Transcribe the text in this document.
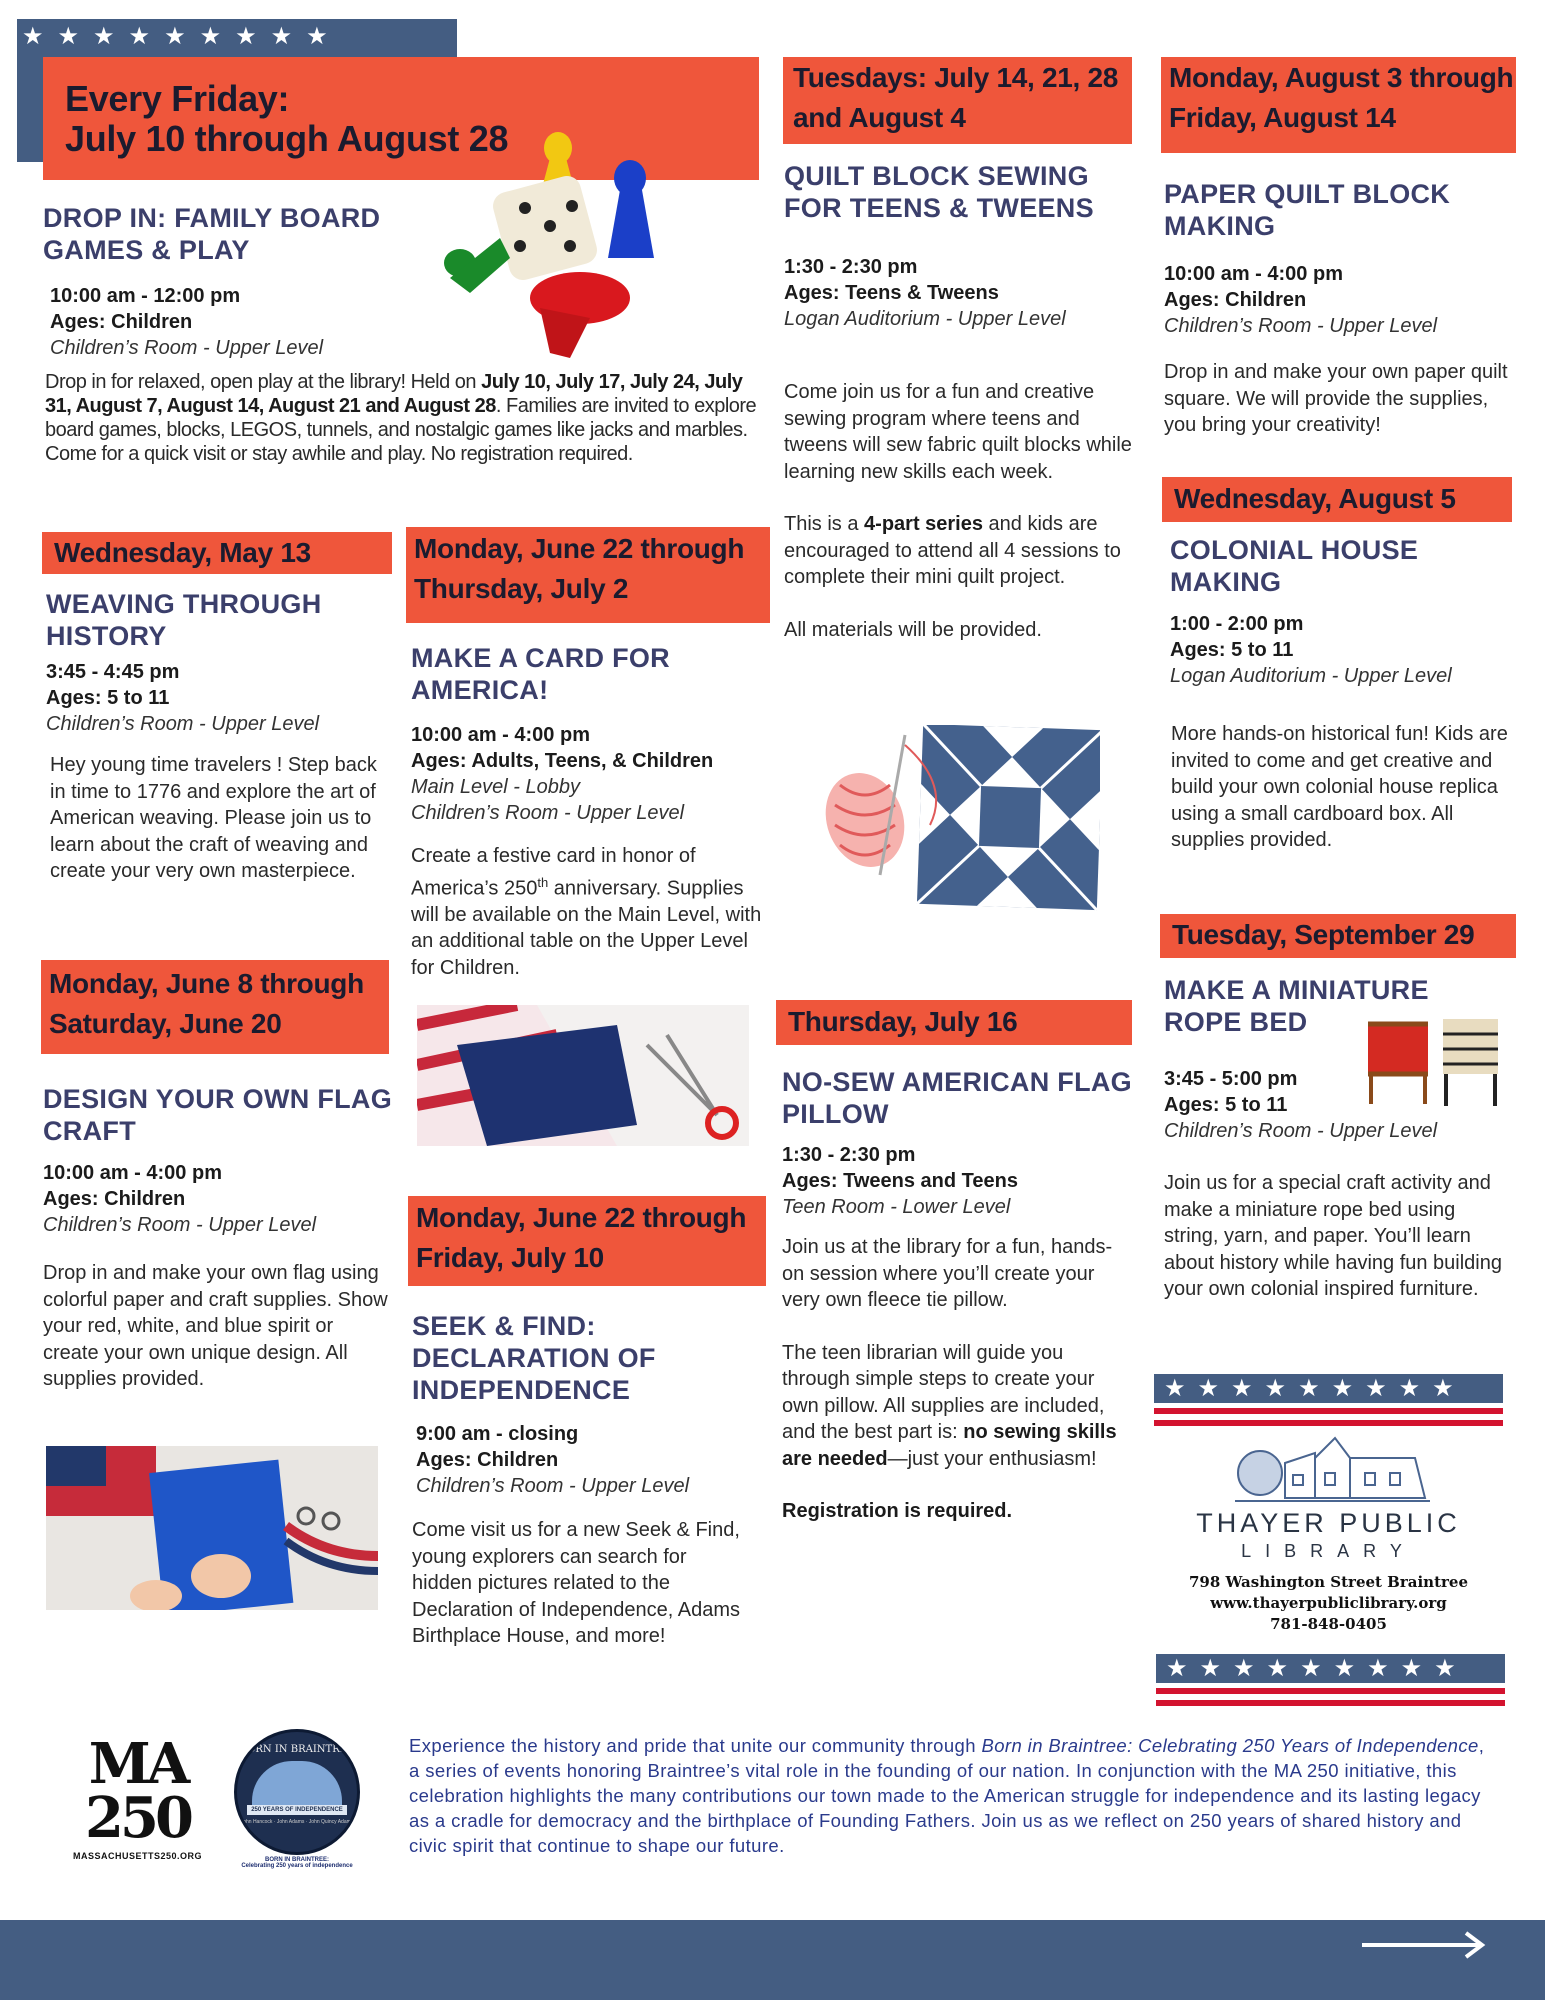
★★★★★★★★★
Every Friday:
July 10 through August 28
DROP IN: FAMILY BOARD GAMES & PLAY
10:00 am - 12:00 pm
Ages: Children
Children’s Room - Upper Level

Drop in for relaxed, open play at the library! Held on July 10, July 17, July 24, July 31, August 7, August 14, August 21 and August 28. Families are invited to explore board games, blocks, LEGOS, tunnels, and nostalgic games like jacks and marbles. Come for a quick visit or stay awhile and play. No registration required.

Wednesday, May 13
WEAVING THROUGH HISTORY
3:45 - 4:45 pm
Ages: 5 to 11
Children’s Room - Upper Level

Hey young time travelers ! Step back in time to 1776 and explore the art of American weaving. Please join us to learn about the craft of weaving and create your very own masterpiece.

Monday, June 8 through
Saturday, June 20
DESIGN YOUR OWN FLAG CRAFT
10:00 am - 4:00 pm
Ages: Children
Children’s Room - Upper Level

Drop in and make your own flag using colorful paper and craft supplies. Show your red, white, and blue spirit or create your own unique design. All supplies provided.

Monday, June 22 through
Thursday, July 2
MAKE A CARD FOR AMERICA!
10:00 am - 4:00 pm
Ages: Adults, Teens, & Children
Main Level - Lobby
Children’s Room - Upper Level

Create a festive card in honor of America’s 250th anniversary. Supplies will be available on the Main Level, with an additional table on the Upper Level for Children.

Monday, June 22 through
Friday, July 10
SEEK & FIND: DECLARATION OF INDEPENDENCE
9:00 am - closing
Ages: Children
Children’s Room - Upper Level

Come visit us for a new Seek & Find, young explorers can search for hidden pictures related to the Declaration of Independence, Adams Birthplace House, and more!

Tuesdays: July 14, 21, 28
and August 4
QUILT BLOCK SEWING FOR TEENS & TWEENS
1:30 - 2:30 pm
Ages: Teens & Tweens
Logan Auditorium - Upper Level

Come join us for a fun and creative sewing program where teens and tweens will sew fabric quilt blocks while learning new skills each week.

This is a 4-part series and kids are encouraged to attend all 4 sessions to complete their mini quilt project.

All materials will be provided.

Thursday, July 16
NO-SEW AMERICAN FLAG PILLOW
1:30 - 2:30 pm
Ages: Tweens and Teens
Teen Room - Lower Level

Join us at the library for a fun, hands-on session where you’ll create your very own fleece tie pillow.

The teen librarian will guide you through simple steps to create your own pillow. All supplies are included, and the best part is: no sewing skills are needed—just your enthusiasm!

Registration is required.

Monday, August 3 through
Friday, August 14
PAPER QUILT BLOCK MAKING
10:00 am - 4:00 pm
Ages: Children
Children’s Room - Upper Level

Drop in and make your own paper quilt square. We will provide the supplies, you bring your creativity!

Wednesday, August 5
COLONIAL HOUSE MAKING
1:00 - 2:00 pm
Ages: 5 to 11
Logan Auditorium - Upper Level

More hands-on historical fun! Kids are invited to come and get creative and build your own colonial house replica using a small cardboard box. All supplies provided.

Tuesday, September 29
MAKE A MINIATURE ROPE BED
3:45 - 5:00 pm
Ages: 5 to 11
Children’s Room - Upper Level

Join us for a special craft activity and make a miniature rope bed using string, yarn, and paper. You’ll learn about history while having fun building your own colonial inspired furniture.

★★★★★★★★★
THAYER PUBLIC
LIBRARY
798 Washington Street Braintree
www.thayerpubliclibrary.org
781-848-0405
★★★★★★★★★
MA
250
MASSACHUSETTS250.ORG
BORN IN BRAINTREE
250 YEARS OF INDEPENDENCE
John Hancock · John Adams · John Quincy Adams
BORN IN BRAINTREE:
Celebrating 250 years of independence
Experience the history and pride that unite our community through Born in Braintree: Celebrating 250 Years of Independence, a series of events honoring Braintree’s vital role in the founding of our nation. In conjunction with the MA 250 initiative, this celebration highlights the many contributions our town made to the American struggle for independence and its lasting legacy as a cradle for democracy and the birthplace of Founding Fathers. Join us as we reflect on 250 years of shared history and civic spirit that continue to shape our future.
